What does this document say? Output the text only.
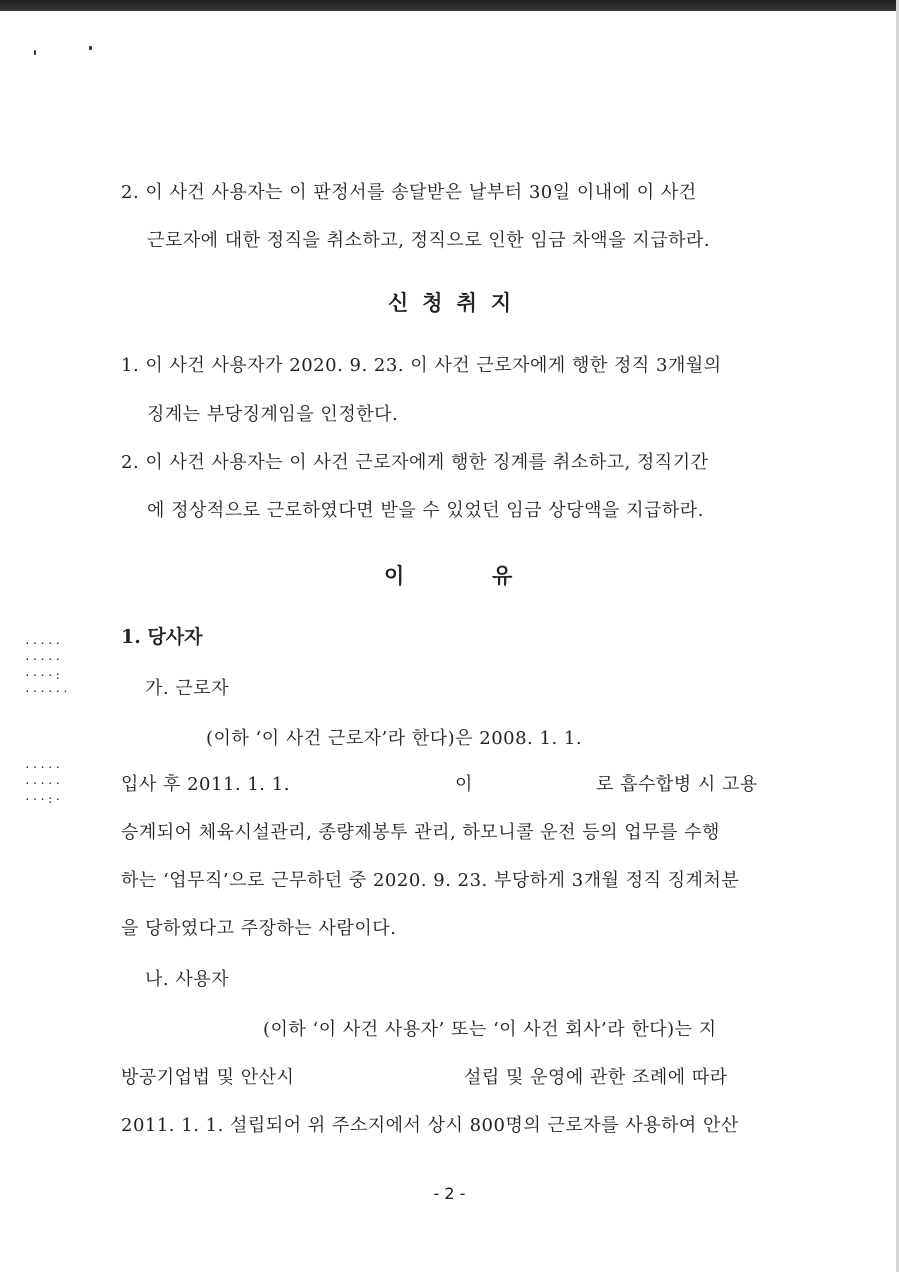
·····
·····
····:
······
·····
·····
···:·
2. 이 사건 사용자는 이 판정서를 송달받은 날부터 30일 이내에 이 사건
근로자에 대한 정직을 취소하고, 정직으로 인한 임금 차액을 지급하라.
신청취지
1. 이 사건 사용자가 2020. 9. 23. 이 사건 근로자에게 행한 정직 3개월의
징계는 부당징계임을 인정한다.
2. 이 사건 사용자는 이 사건 근로자에게 행한 징계를 취소하고, 정직기간
에 정상적으로 근로하였다면 받을 수 있었던 임금 상당액을 지급하라.
이	유
1. 당사자
가. 근로자
(이하 ‘이 사건 근로자’라 한다)은 2008. 1. 1.
입사 후 2011. 1. 1.	이	로 흡수합병 시 고용
승계되어 체육시설관리, 종량제봉투 관리, 하모니콜 운전 등의 업무를 수행
하는 ‘업무직’으로 근무하던 중 2020. 9. 23. 부당하게 3개월 정직 징계처분
을 당하였다고 주장하는 사람이다.
나. 사용자
(이하 ‘이 사건 사용자’ 또는 ‘이 사건 회사’라 한다)는 지
방공기업법 및 안산시	설립 및 운영에 관한 조례에 따라
2011. 1. 1. 설립되어 위 주소지에서 상시 800명의 근로자를 사용하여 안산
- 2 -
